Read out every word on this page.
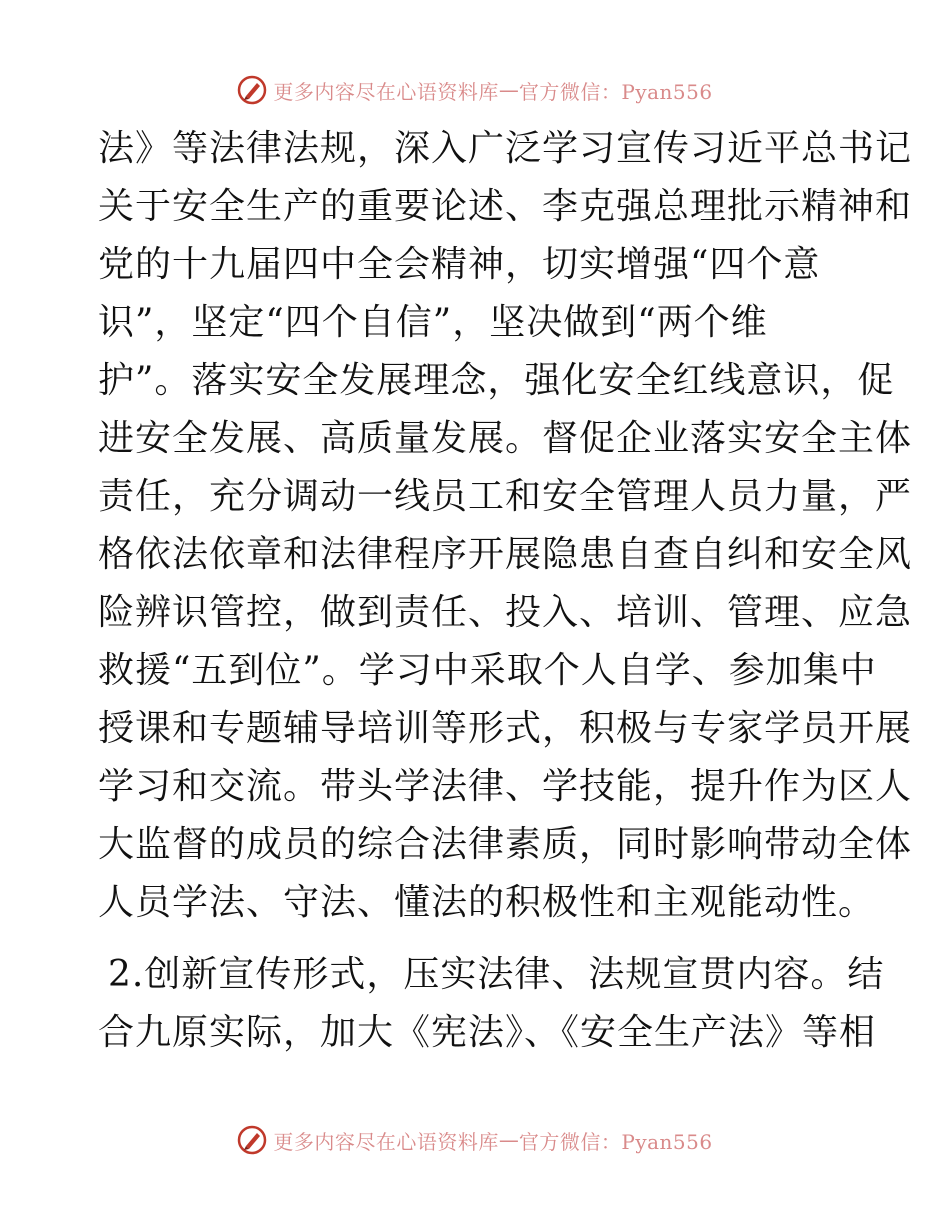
更多内容尽在心语资料库 — 官方微信：Pyan556
法》等法律法规，深入广泛学习宣传习近平总书记
关于安全生产的重要论述、李克强总理批示精神和
党的十九届四中全会精神，切实增强“四个意
识”，坚定“四个自信”，坚决做到“两个维
护”。落实安全发展理念，强化安全红线意识，促
进安全发展、高质量发展。督促企业落实安全主体
责任，充分调动一线员工和安全管理人员力量，严
格依法依章和法律程序开展隐患自查自纠和安全风
险辨识管控，做到责任、投入、培训、管理、应急
救援“五到位”。学习中采取个人自学、参加集中
授课和专题辅导培训等形式，积极与专家学员开展
学习和交流。带头学法律、学技能，提升作为区人
大监督的成员的综合法律素质，同时影响带动全体
人员学法、守法、懂法的积极性和主观能动性。
2.创新宣传形式，压实法律、法规宣贯内容。结
合九原实际，加大《宪法》、《安全生产法》等相
更多内容尽在心语资料库 — 官方微信：Pyan556
